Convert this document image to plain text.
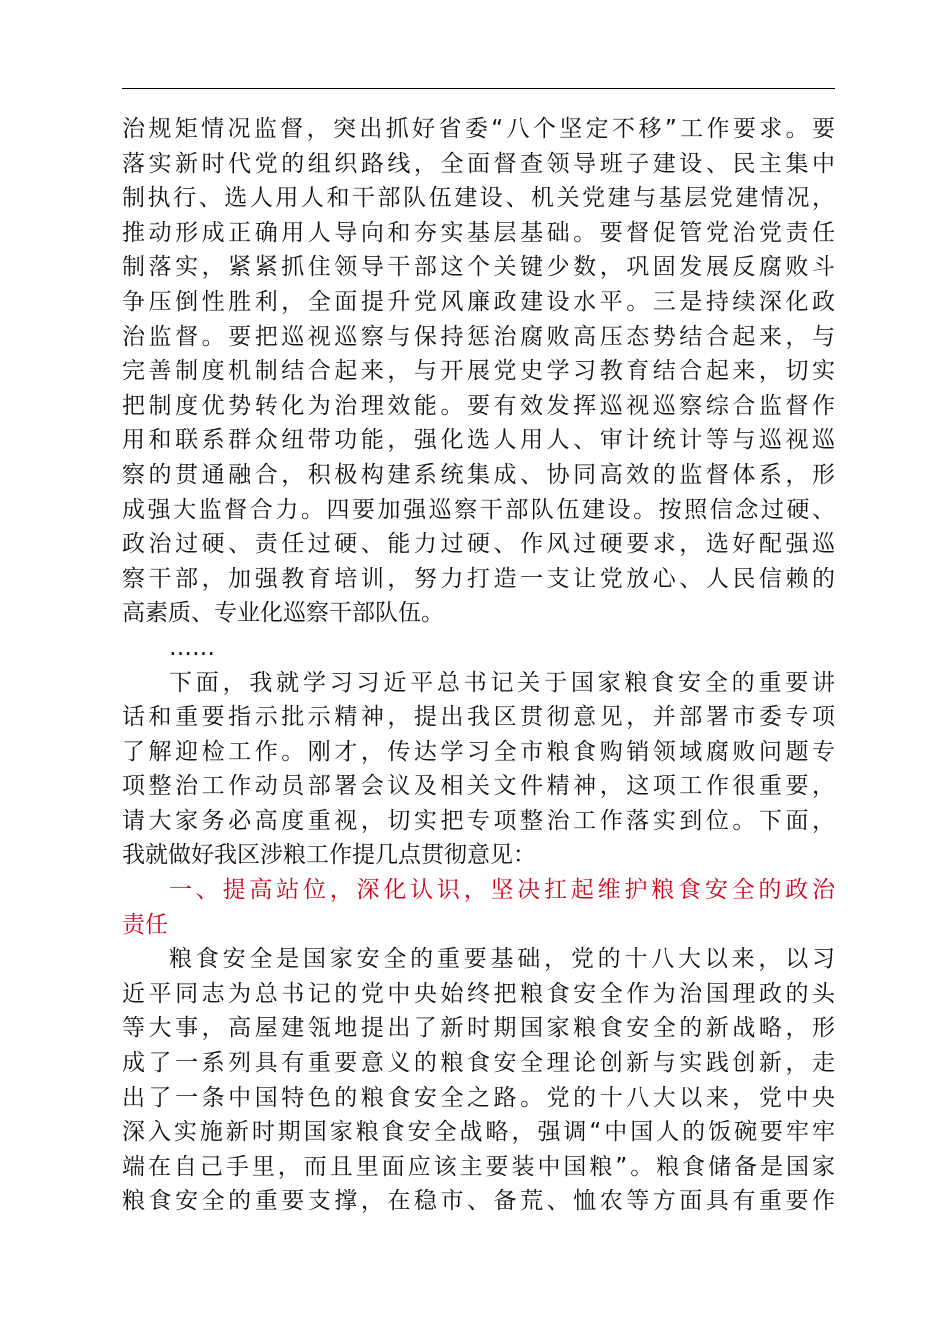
治规矩情况监督，突出抓好省委“八个坚定不移”工作要求。要
落实新时代党的组织路线，全面督查领导班子建设、民主集中
制执行、选人用人和干部队伍建设、机关党建与基层党建情况，
推动形成正确用人导向和夯实基层基础。要督促管党治党责任
制落实，紧紧抓住领导干部这个关键少数，巩固发展反腐败斗
争压倒性胜利，全面提升党风廉政建设水平。三是持续深化政
治监督。要把巡视巡察与保持惩治腐败高压态势结合起来，与
完善制度机制结合起来，与开展党史学习教育结合起来，切实
把制度优势转化为治理效能。要有效发挥巡视巡察综合监督作
用和联系群众纽带功能，强化选人用人、审计统计等与巡视巡
察的贯通融合，积极构建系统集成、协同高效的监督体系，形
成强大监督合力。四要加强巡察干部队伍建设。按照信念过硬、
政治过硬、责任过硬、能力过硬、作风过硬要求，选好配强巡
察干部，加强教育培训，努力打造一支让党放心、人民信赖的
高素质、专业化巡察干部队伍。
……
下面，我就学习习近平总书记关于国家粮食安全的重要讲
话和重要指示批示精神，提出我区贯彻意见，并部署市委专项
了解迎检工作。刚才，传达学习全市粮食购销领域腐败问题专
项整治工作动员部署会议及相关文件精神，这项工作很重要，
请大家务必高度重视，切实把专项整治工作落实到位。下面，
我就做好我区涉粮工作提几点贯彻意见：
一、提高站位，深化认识，坚决扛起维护粮食安全的政治
责任
粮食安全是国家安全的重要基础，党的十八大以来，以习
近平同志为总书记的党中央始终把粮食安全作为治国理政的头
等大事，高屋建瓴地提出了新时期国家粮食安全的新战略，形
成了一系列具有重要意义的粮食安全理论创新与实践创新，走
出了一条中国特色的粮食安全之路。党的十八大以来，党中央
深入实施新时期国家粮食安全战略，强调“中国人的饭碗要牢牢
端在自己手里，而且里面应该主要装中国粮”。粮食储备是国家
粮食安全的重要支撑，在稳市、备荒、恤农等方面具有重要作
